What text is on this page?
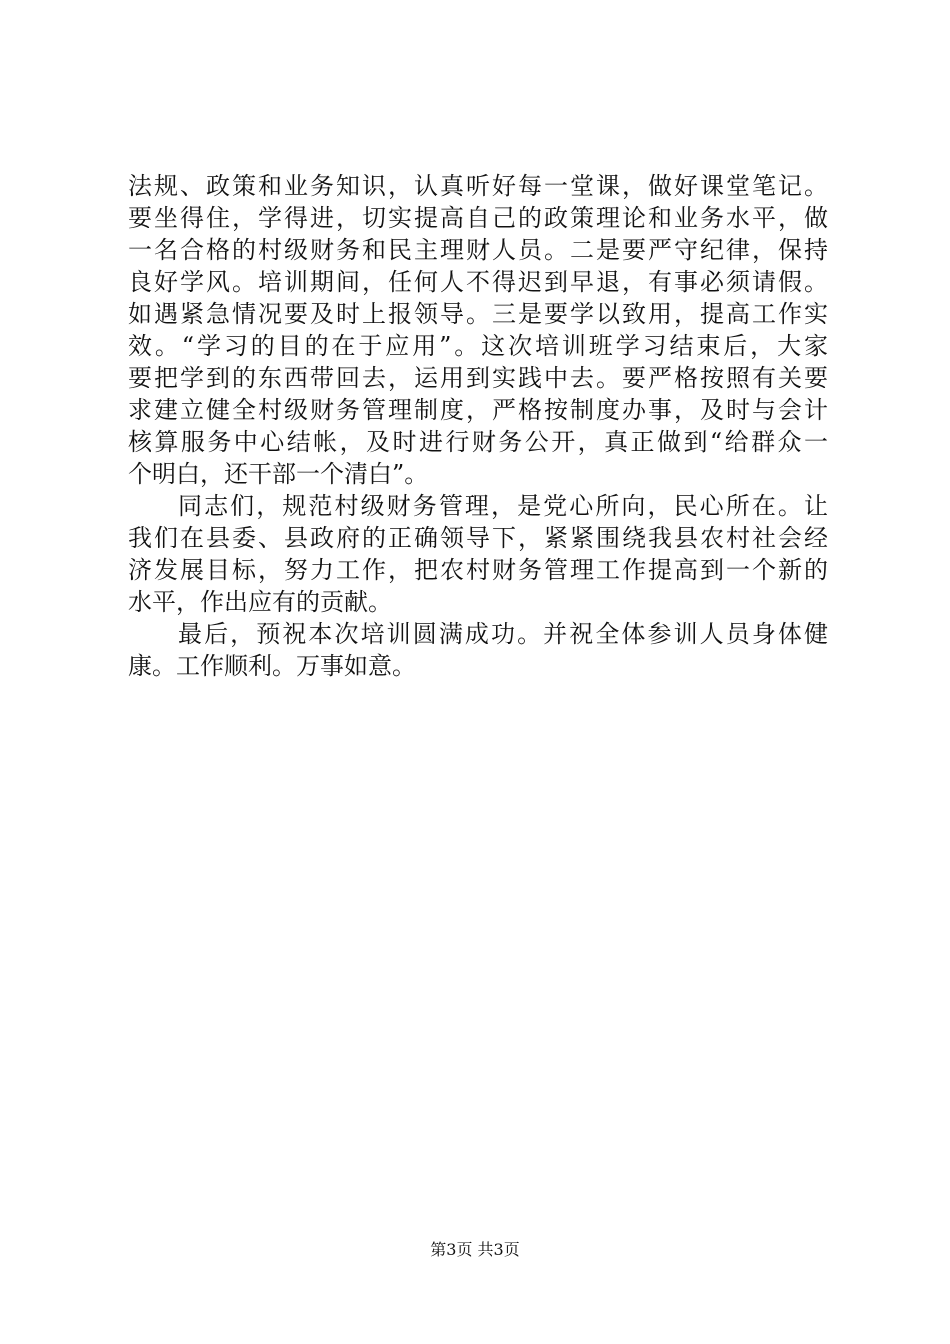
法规、政策和业务知识，认真听好每一堂课，做好课堂笔记。
要坐得住，学得进，切实提高自己的政策理论和业务水平，做
一名合格的村级财务和民主理财人员。二是要严守纪律，保持
良好学风。培训期间，任何人不得迟到早退，有事必须请假。
如遇紧急情况要及时上报领导。三是要学以致用，提高工作实
效。“学习的目的在于应用”。这次培训班学习结束后，大家
要把学到的东西带回去，运用到实践中去。要严格按照有关要
求建立健全村级财务管理制度，严格按制度办事，及时与会计
核算服务中心结帐，及时进行财务公开，真正做到“给群众一
个明白，还干部一个清白”。
同志们，规范村级财务管理，是党心所向，民心所在。让
我们在县委、县政府的正确领导下，紧紧围绕我县农村社会经
济发展目标，努力工作，把农村财务管理工作提高到一个新的
水平，作出应有的贡献。
最后，预祝本次培训圆满成功。并祝全体参训人员身体健
康。工作顺利。万事如意。
第3页 共3页
